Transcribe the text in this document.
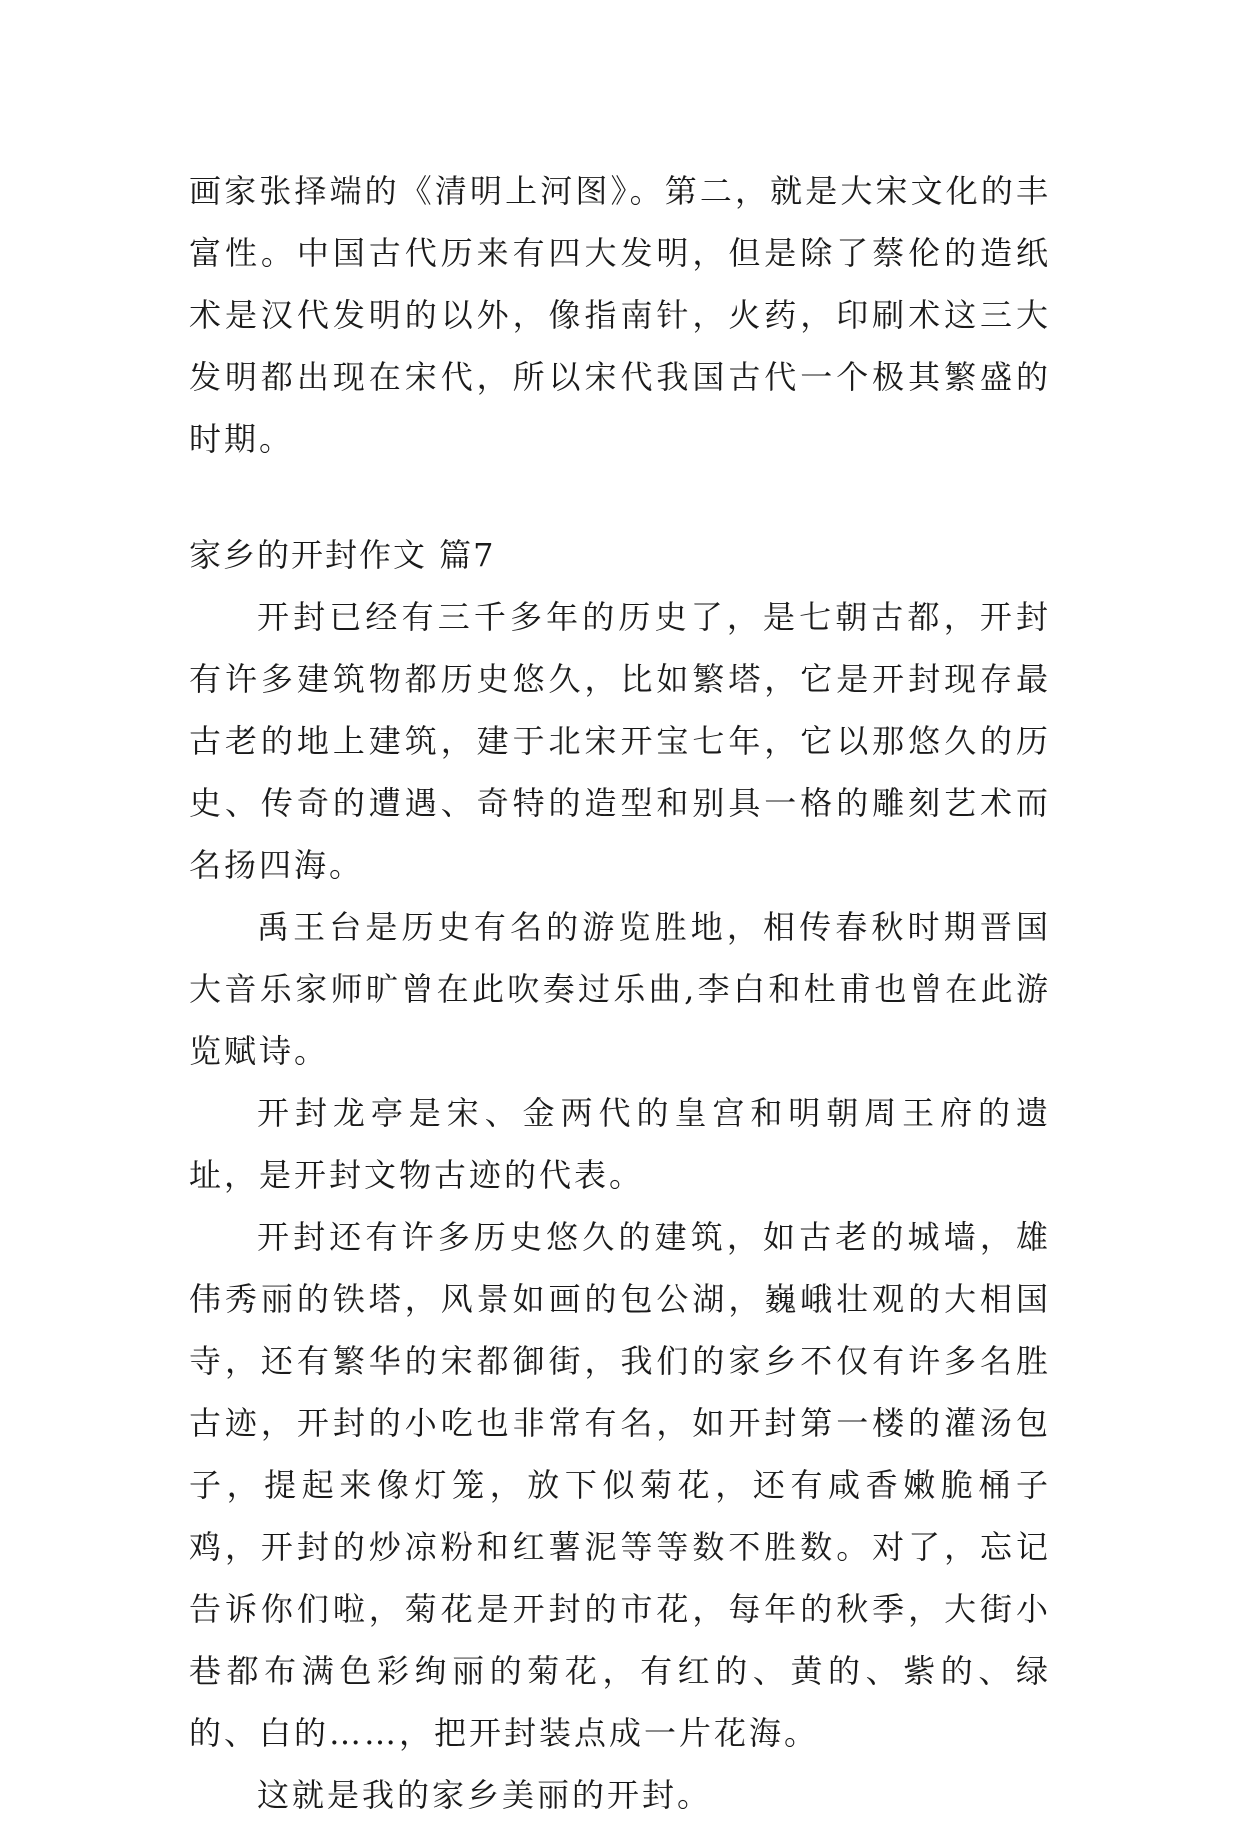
画家张择端的《清明上河图》。第二，就是大宋文化的丰富性。中国古代历来有四大发明，但是除了蔡伦的造纸术是汉代发明的以外，像指南针，火药，印刷术这三大发明都出现在宋代，所以宋代我国古代一个极其繁盛的时期。

家乡的开封作文 篇7

开封已经有三千多年的历史了，是七朝古都，开封有许多建筑物都历史悠久，比如繁塔，它是开封现存最古老的地上建筑，建于北宋开宝七年，它以那悠久的历史、传奇的遭遇、奇特的造型和别具一格的雕刻艺术而名扬四海。

禹王台是历史有名的游览胜地，相传春秋时期晋国大音乐家师旷曾在此吹奏过乐曲,李白和杜甫也曾在此游览赋诗。

开封龙亭是宋、金两代的皇宫和明朝周王府的遗址，是开封文物古迹的代表。

开封还有许多历史悠久的建筑，如古老的城墙，雄伟秀丽的铁塔，风景如画的包公湖，巍峨壮观的大相国寺，还有繁华的宋都御街，我们的家乡不仅有许多名胜古迹，开封的小吃也非常有名，如开封第一楼的灌汤包子，提起来像灯笼，放下似菊花，还有咸香嫩脆桶子鸡，开封的炒凉粉和红薯泥等等数不胜数。对了，忘记告诉你们啦，菊花是开封的市花，每年的秋季，大街小巷都布满色彩绚丽的菊花，有红的、黄的、紫的、绿的、白的……，把开封装点成一片花海。

这就是我的家乡美丽的开封。
